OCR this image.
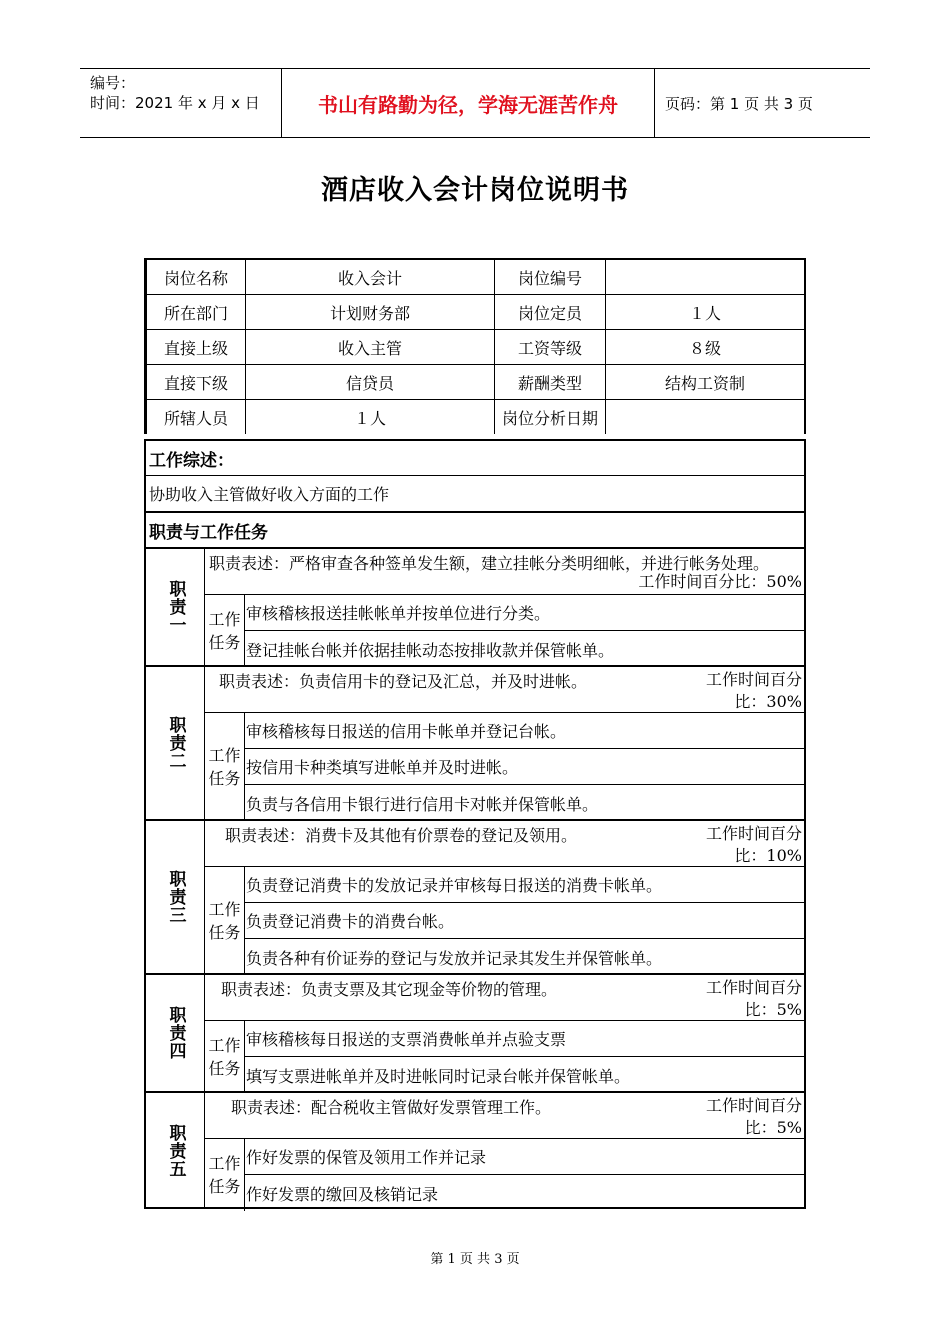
编号：
时间：2021 年 x 月 x 日	书山有路勤为径，学海无涯苦作舟	页码：第 1 页 共 3 页
酒店收入会计岗位说明书
岗位名称	收入会计	岗位编号	
所在部门	计划财务部	岗位定员	１人
直接上级	收入主管	工资等级	８级
直接下级	信贷员	薪酬类型	结构工资制
所辖人员	１人	岗位分析日期	
工作综述：
协助收入主管做好收入方面的工作
职责与工作任务
职责一
职责表述：严格审查各种签单发生额，建立挂帐分类明细帐，并进行帐务处理。
工作时间百分比：50%
工作任务
审核稽核报送挂帐帐单并按单位进行分类。
登记挂帐台帐并依据挂帐动态按排收款并保管帐单。
职责二
职责表述：负责信用卡的登记及汇总，并及时进帐。	工作时间百分比：30%
工作任务
审核稽核每日报送的信用卡帐单并登记台帐。
按信用卡种类填写进帐单并及时进帐。
负责与各信用卡银行进行信用卡对帐并保管帐单。
职责三
职责表述：消费卡及其他有价票卷的登记及领用。	工作时间百分比：10%
工作任务
负责登记消费卡的发放记录并审核每日报送的消费卡帐单。
负责登记消费卡的消费台帐。
负责各种有价证券的登记与发放并记录其发生并保管帐单。
职责四
职责表述：负责支票及其它现金等价物的管理。	工作时间百分比：5%
工作任务
审核稽核每日报送的支票消费帐单并点验支票
填写支票进帐单并及时进帐同时记录台帐并保管帐单。
职责五
职责表述：配合税收主管做好发票管理工作。	工作时间百分比：5%
工作任务
作好发票的保管及领用工作并记录
作好发票的缴回及核销记录
第 1 页 共 3 页
